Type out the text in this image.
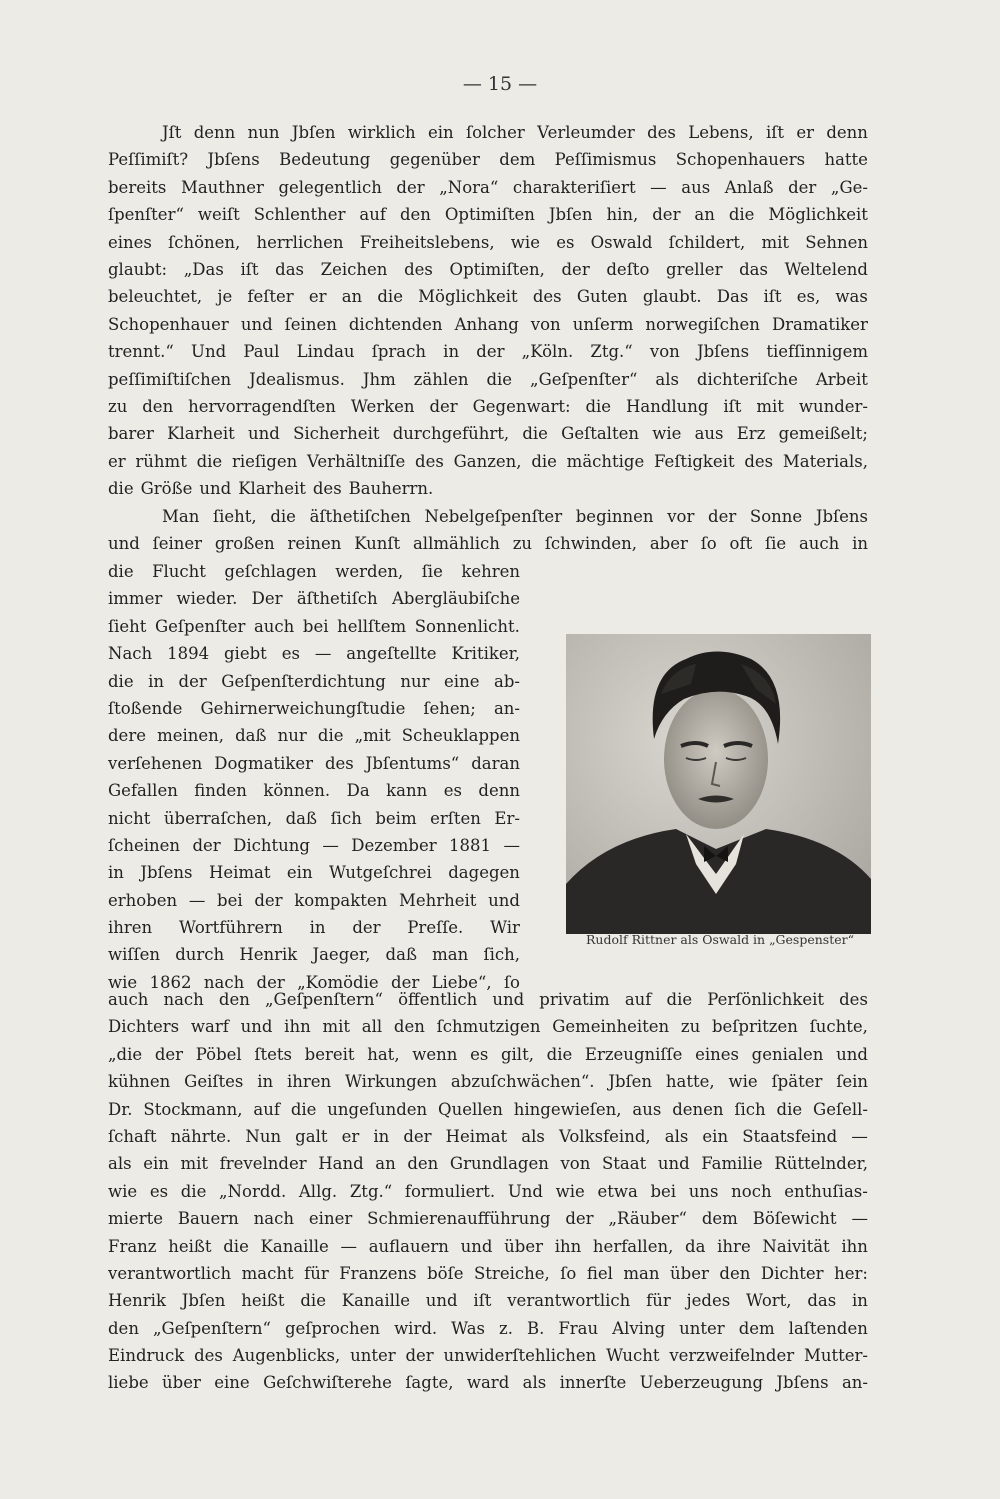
— 15 —
Jſt denn nun Jbſen wirklich ein ſolcher Verleumder des Lebens, iſt er denn
Peſſimiſt? Jbſens Bedeutung gegenüber dem Peſſimismus Schopenhauers hatte
bereits Mauthner gelegentlich der „Nora“ charakteriſiert — aus Anlaß der „Ge-
ſpenſter“ weiſt Schlenther auf den Optimiſten Jbſen hin, der an die Möglichkeit
eines ſchönen, herrlichen Freiheitslebens, wie es Oswald ſchildert, mit Sehnen
glaubt: „Das iſt das Zeichen des Optimiſten, der deſto greller das Weltelend
beleuchtet, je feſter er an die Möglichkeit des Guten glaubt. Das iſt es, was
Schopenhauer und ſeinen dichtenden Anhang von unſerm norwegiſchen Dramatiker
trennt.“ Und Paul Lindau ſprach in der „Köln. Ztg.“ von Jbſens tiefſinnigem
peſſimiſtiſchen Jdealismus. Jhm zählen die „Geſpenſter“ als dichteriſche Arbeit
zu den hervorragendſten Werken der Gegenwart: die Handlung iſt mit wunder-
barer Klarheit und Sicherheit durchgeführt, die Geſtalten wie aus Erz gemeißelt;
er rühmt die rieſigen Verhältniſſe des Ganzen, die mächtige Feſtigkeit des Materials,
die Größe und Klarheit des Bauherrn.
Man ſieht, die äſthetiſchen Nebelgeſpenſter beginnen vor der Sonne Jbſens
und ſeiner großen reinen Kunſt allmählich zu ſchwinden, aber ſo oft ſie auch in
die Flucht geſchlagen werden, ſie kehren
immer wieder. Der äſthetiſch Abergläubiſche
ſieht Geſpenſter auch bei hellſtem Sonnenlicht.
Nach 1894 giebt es — angeſtellte Kritiker,
die in der Geſpenſterdichtung nur eine ab-
ſtoßende Gehirnerweichungſtudie ſehen; an-
dere meinen, daß nur die „mit Scheuklappen
verſehenen Dogmatiker des Jbſentums“ daran
Gefallen finden können. Da kann es denn
nicht überraſchen, daß ſich beim erſten Er-
ſcheinen der Dichtung — Dezember 1881 —
in Jbſens Heimat ein Wutgeſchrei dagegen
erhoben — bei der kompakten Mehrheit und
ihren Wortführern in der Preſſe. Wir
wiſſen durch Henrik Jaeger, daß man ſich,
wie 1862 nach der „Komödie der Liebe“, ſo
Rudolf Rittner als Oswald in „Gespenster“
auch nach den „Geſpenſtern“ öffentlich und privatim auf die Perſönlichkeit des
Dichters warf und ihn mit all den ſchmutzigen Gemeinheiten zu beſpritzen ſuchte,
„die der Pöbel ſtets bereit hat, wenn es gilt, die Erzeugniſſe eines genialen und
kühnen Geiſtes in ihren Wirkungen abzuſchwächen“. Jbſen hatte, wie ſpäter ſein
Dr. Stockmann, auf die ungeſunden Quellen hingewieſen, aus denen ſich die Geſell-
ſchaft nährte. Nun galt er in der Heimat als Volksfeind, als ein Staatsfeind —
als ein mit frevelnder Hand an den Grundlagen von Staat und Familie Rüttelnder,
wie es die „Nordd. Allg. Ztg.“ formuliert. Und wie etwa bei uns noch enthuſias-
mierte Bauern nach einer Schmierenaufführung der „Räuber“ dem Böſewicht —
Franz heißt die Kanaille — auflauern und über ihn herfallen, da ihre Naivität ihn
verantwortlich macht für Franzens böſe Streiche, ſo fiel man über den Dichter her:
Henrik Jbſen heißt die Kanaille und iſt verantwortlich für jedes Wort, das in
den „Geſpenſtern“ geſprochen wird. Was z. B. Frau Alving unter dem laſtenden
Eindruck des Augenblicks, unter der unwiderſtehlichen Wucht verzweifelnder Mutter-
liebe über eine Geſchwiſterehe ſagte, ward als innerſte Ueberzeugung Jbſens an-
